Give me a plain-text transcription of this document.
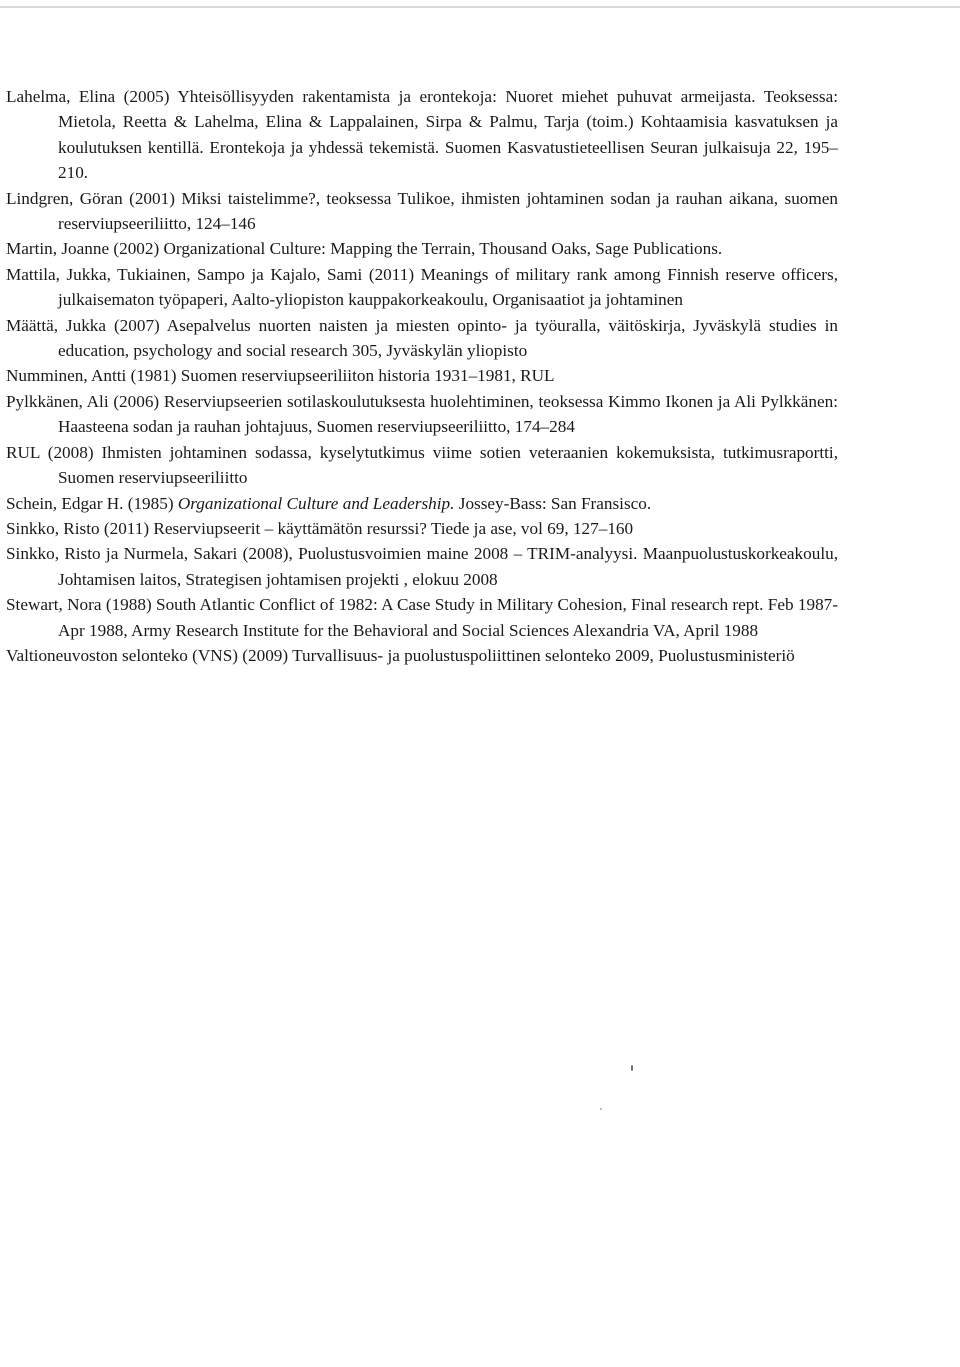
Lahelma, Elina (2005) Yhteisöllisyyden rakentamista ja erontekoja: Nuoret miehet puhuvat armeijasta. Teoksessa: Mietola, Reetta & Lahelma, Elina & Lappalainen, Sirpa & Palmu, Tarja (toim.) Kohtaamisia kasvatuksen ja koulutuksen kentillä. Erontekoja ja yhdessä tekemistä. Suomen Kasvatustieteellisen Seuran julkaisuja 22, 195–210.
Lindgren, Göran (2001) Miksi taistelimme?, teoksessa Tulikoe, ihmisten johtaminen sodan ja rauhan aikana, suomen reserviupseeriliitto, 124–146
Martin, Joanne (2002) Organizational Culture: Mapping the Terrain, Thousand Oaks, Sage Publications.
Mattila, Jukka, Tukiainen, Sampo ja Kajalo, Sami (2011) Meanings of military rank among Finnish reserve officers, julkaisematon työpaperi, Aalto-yliopiston kauppakorkeakoulu, Organisaatiot ja johtaminen
Määttä, Jukka (2007) Asepalvelus nuorten naisten ja miesten opinto- ja työuralla, väitöskirja, Jyväskylä studies in education, psychology and social research 305, Jyväskylän yliopisto
Numminen, Antti (1981) Suomen reserviupseeriliiton historia 1931–1981, RUL
Pylkkänen, Ali (2006) Reserviupseerien sotilaskoulutuksesta huolehtiminen, teoksessa Kimmo Ikonen ja Ali Pylkkänen: Haasteena sodan ja rauhan johtajuus, Suomen reserviupseeriliitto, 174–284
RUL (2008) Ihmisten johtaminen sodassa, kyselytutkimus viime sotien veteraanien kokemuksista, tutkimusraportti, Suomen reserviupseeriliitto
Schein, Edgar H. (1985) Organizational Culture and Leadership. Jossey-Bass: San Fransisco.
Sinkko, Risto (2011) Reserviupseerit – käyttämätön resurssi? Tiede ja ase, vol 69, 127–160
Sinkko, Risto ja Nurmela, Sakari (2008), Puolustusvoimien maine 2008 – TRIM-analyysi. Maanpuolustuskorkeakoulu, Johtamisen laitos, Strategisen johtamisen projekti , elokuu 2008
Stewart, Nora (1988) South Atlantic Conflict of 1982: A Case Study in Military Cohesion, Final research rept. Feb 1987-Apr 1988, Army Research Institute for the Behavioral and Social Sciences Alexandria VA, April 1988
Valtioneuvoston selonteko (VNS) (2009) Turvallisuus- ja puolustuspoliittinen selonteko 2009, Puolustusministeriö
